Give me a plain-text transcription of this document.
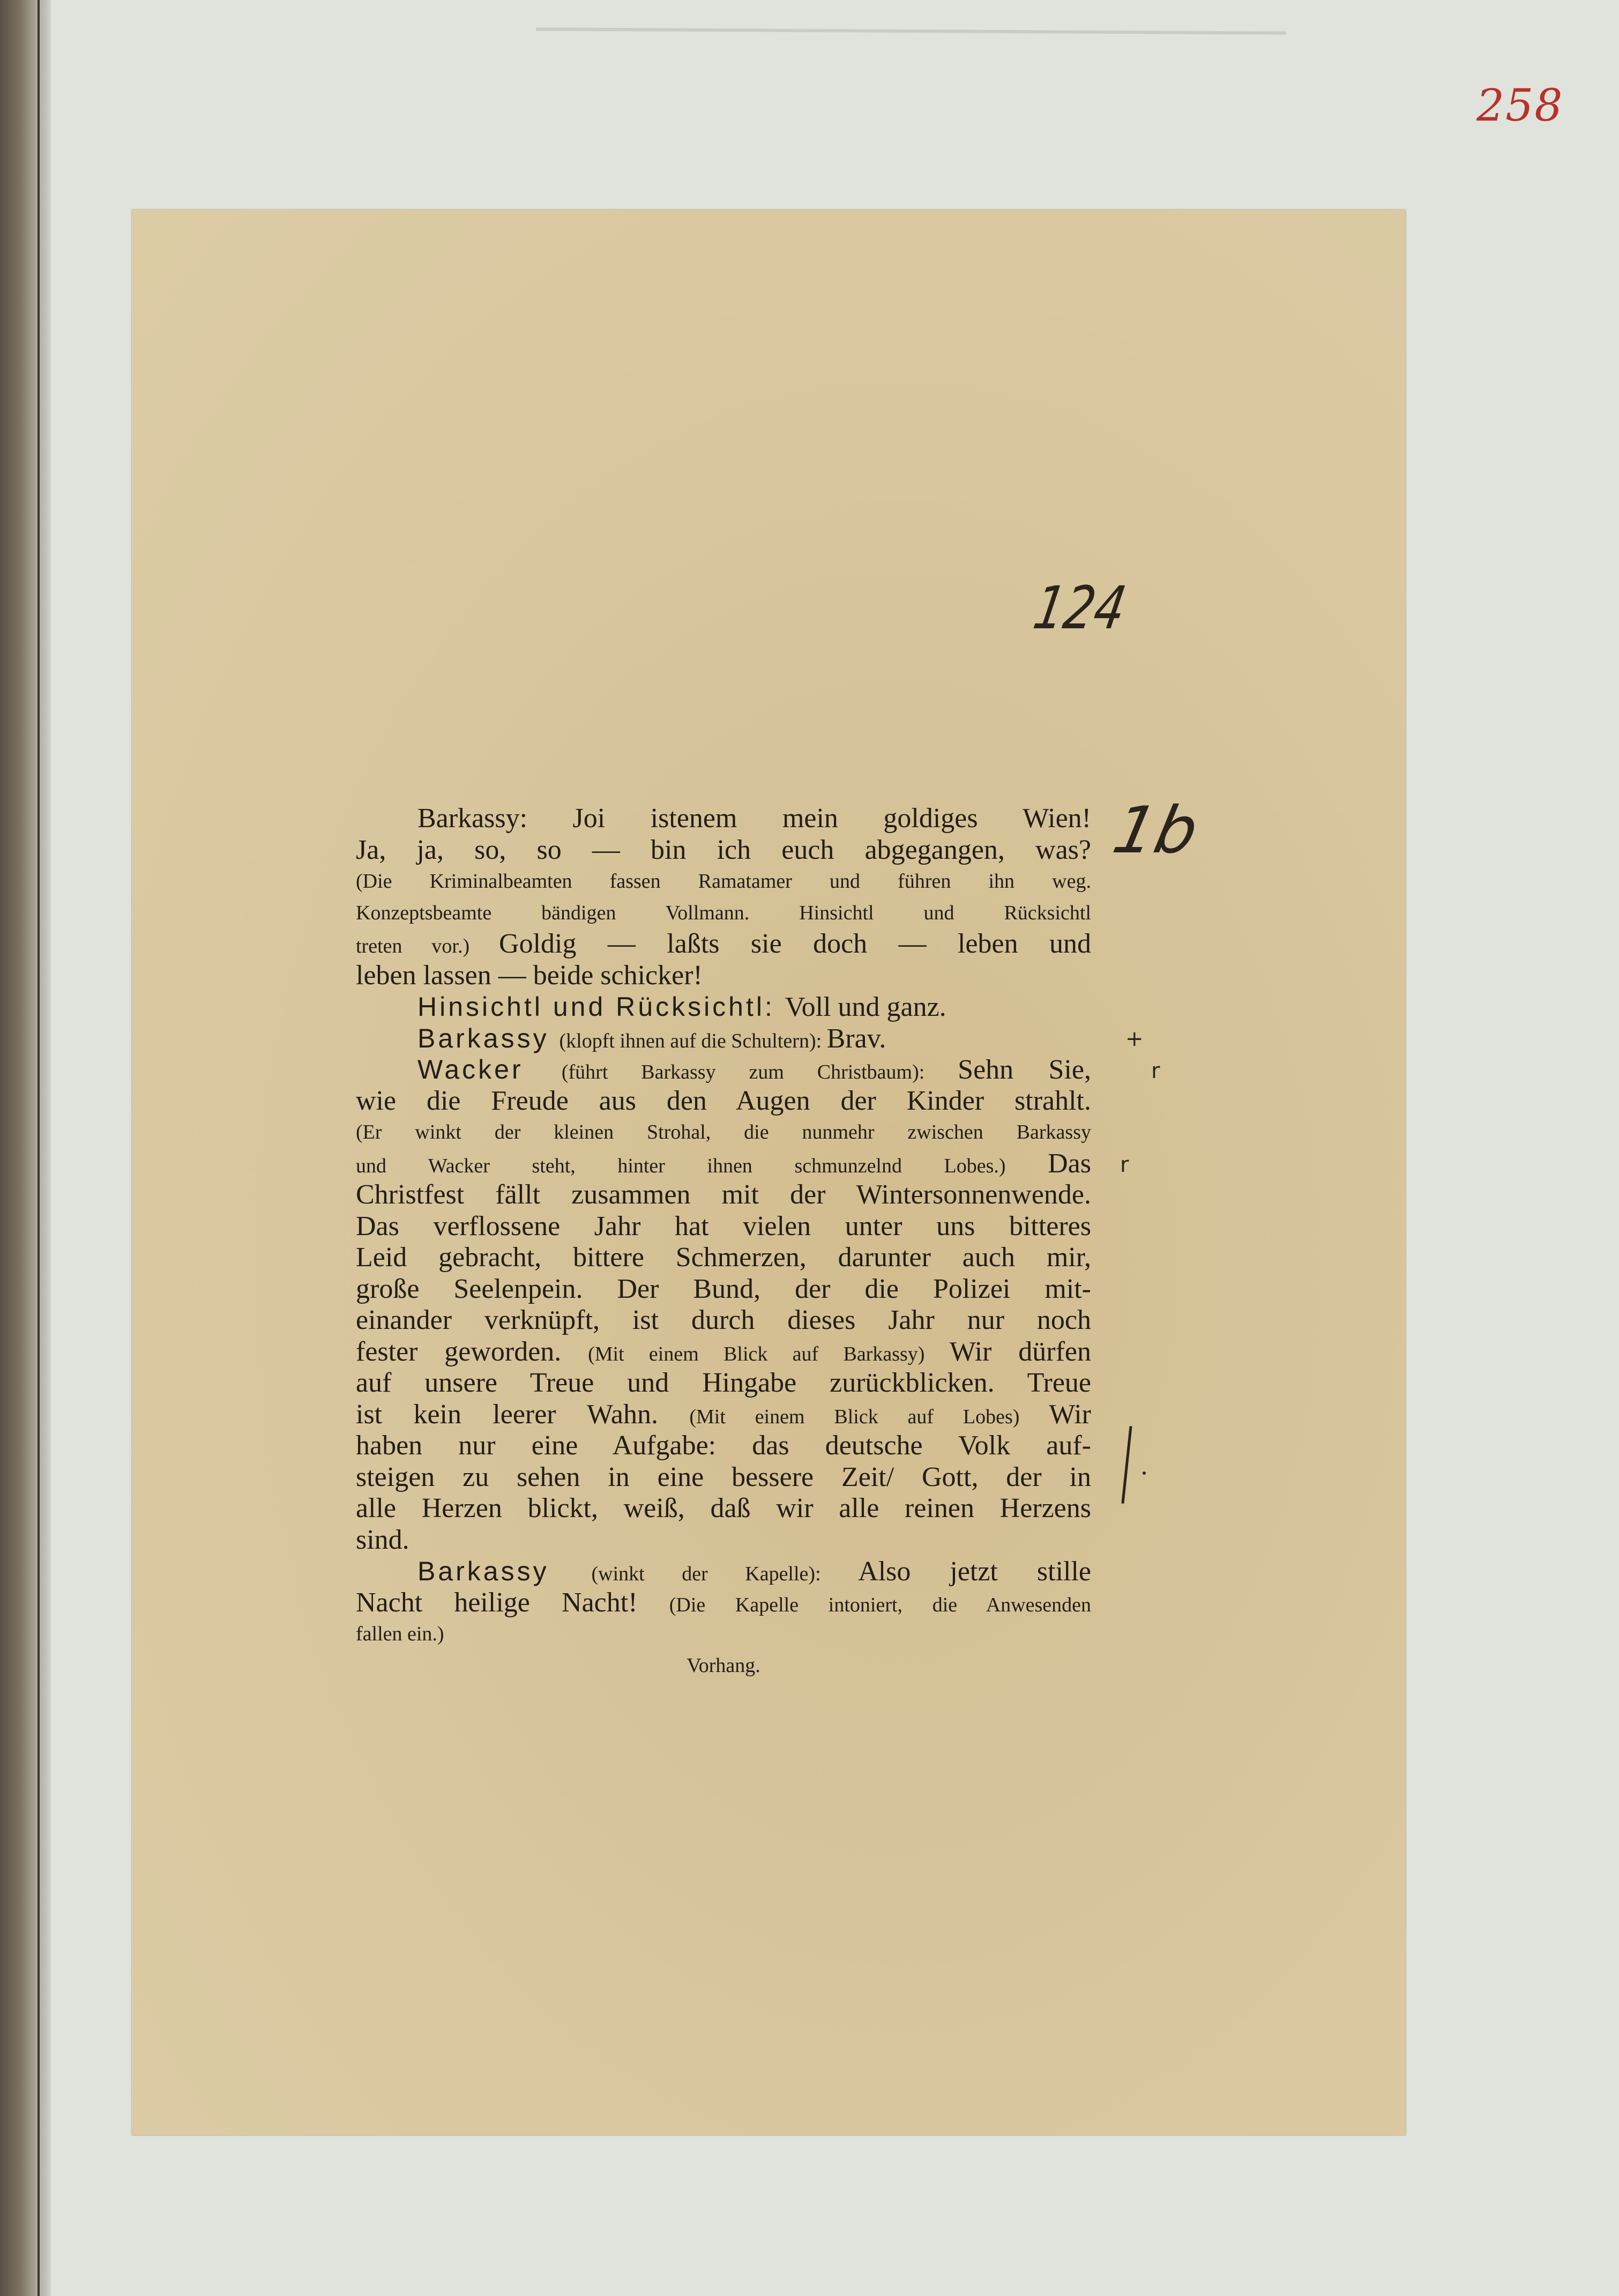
258
124
1b
+
r
r
Barkassy: Joi istenem mein goldiges Wien!
Ja, ja, so, so — bin ich euch abgegangen, was?
(Die Kriminalbeamten fassen Ramatamer und führen ihn weg.
Konzeptsbeamte bändigen Vollmann. Hinsichtl und Rücksichtl
treten vor.) Goldig — laßts sie doch — leben und
leben lassen — beide schicker!
Hinsichtl und Rücksichtl: Voll und ganz.
Barkassy (klopft ihnen auf die Schultern): Brav.
Wacker (führt Barkassy zum Christbaum): Sehn Sie,
wie die Freude aus den Augen der Kinder strahlt.
(Er winkt der kleinen Strohal, die nunmehr zwischen Barkassy
und Wacker steht, hinter ihnen schmunzelnd Lobes.) Das
Christfest fällt zusammen mit der Wintersonnenwende.
Das verflossene Jahr hat vielen unter uns bitteres
Leid gebracht, bittere Schmerzen, darunter auch mir,
große Seelenpein. Der Bund, der die Polizei mit-
einander verknüpft, ist durch dieses Jahr nur noch
fester geworden. (Mit einem Blick auf Barkassy) Wir dürfen
auf unsere Treue und Hingabe zurückblicken. Treue
ist kein leerer Wahn. (Mit einem Blick auf Lobes) Wir
haben nur eine Aufgabe: das deutsche Volk auf-
steigen zu sehen in eine bessere Zeit/ Gott, der in
alle Herzen blickt, weiß, daß wir alle reinen Herzens
sind.
Barkassy (winkt der Kapelle): Also jetzt stille
Nacht heilige Nacht! (Die Kapelle intoniert, die Anwesenden
fallen ein.)
Vorhang.
